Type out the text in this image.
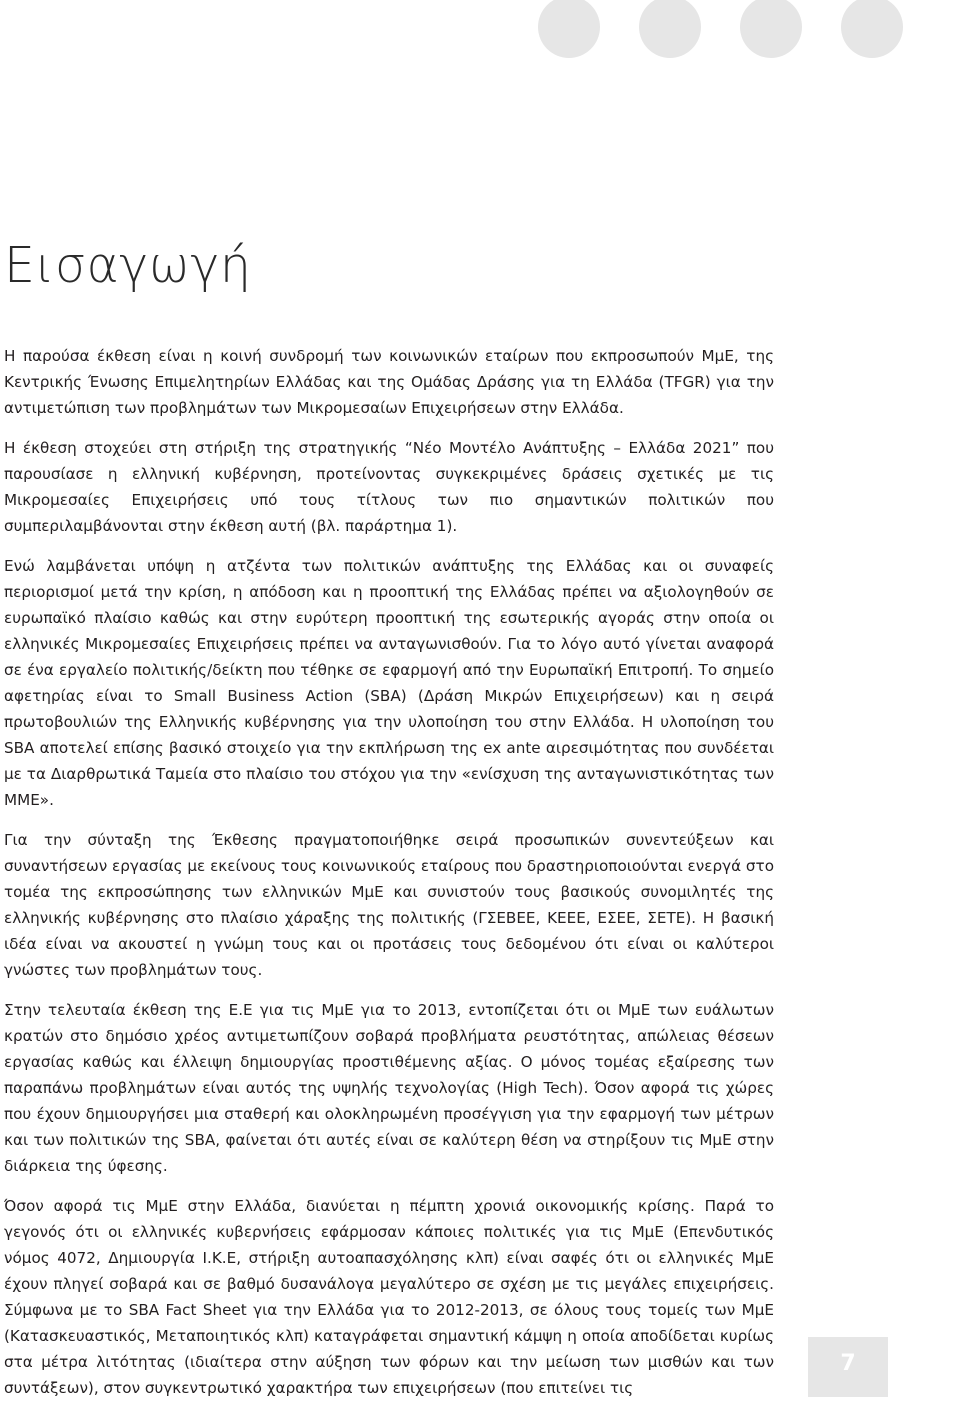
Εισαγωγή

Η παρούσα έκθεση είναι η κοινή συνδρομή των κοινωνικών εταίρων που εκπροσωπούν ΜμΕ, της Κεντρικής Ένωσης Επιμελητηρίων Ελλάδας και της Ομάδας Δράσης για τη Ελλάδα (TFGR) για την αντιμετώπιση των προβλημάτων των Μικρομεσαίων Επιχειρήσεων στην Ελλάδα.

Η έκθεση στοχεύει στη στήριξη της στρατηγικής “Νέο Μοντέλο Ανάπτυξης – Ελλάδα 2021” που παρουσίασε η ελληνική κυβέρνηση, προτείνοντας συγκεκριμένες δράσεις σχετικές με τις Μικρομεσαίες Επιχειρήσεις υπό τους τίτλους των πιο σημαντικών πολιτικών που συμπεριλαμβάνονται στην έκθεση αυτή (βλ. παράρτημα 1).

Ενώ λαμβάνεται υπόψη η ατζέντα των πολιτικών ανάπτυξης της Ελλάδας και οι συναφείς περιορισμοί μετά την κρίση, η απόδοση και η προοπτική της Ελλάδας πρέπει να αξιολογηθούν σε ευρωπαϊκό πλαίσιο καθώς και στην ευρύτερη προοπτική της εσωτερικής αγοράς στην οποία οι ελληνικές Μικρομεσαίες Επιχειρήσεις πρέπει να ανταγωνισθούν. Για το λόγο αυτό γίνεται αναφορά σε ένα εργαλείο πολιτικής/δείκτη που τέθηκε σε εφαρμογή από την Ευρωπαϊκή Επιτροπή. Το σημείο αφετηρίας είναι το Small Business Action (SBA) (Δράση Μικρών Επιχειρήσεων) και η σειρά πρωτοβουλιών της Ελληνικής κυβέρνησης για την υλοποίηση του στην Ελλάδα. Η υλοποίηση του SBA αποτελεί επίσης βασικό στοιχείο για την εκπλήρωση της ex ante αιρεσιμότητας που συνδέεται με τα Διαρθρωτικά Ταμεία στο πλαίσιο του στόχου για την «ενίσχυση της ανταγωνιστικότητας των ΜΜΕ».

Για την σύνταξη της Έκθεσης πραγματοποιήθηκε σειρά προσωπικών συνεντεύξεων και συναντήσεων εργασίας με εκείνους τους κοινωνικούς εταίρους που δραστηριοποιούνται ενεργά στο τομέα της εκπροσώπησης των ελληνικών ΜμΕ και συνιστούν τους βασικούς συνομιλητές της ελληνικής κυβέρνησης στο πλαίσιο χάραξης της πολιτικής (ΓΣΕΒΕΕ, ΚΕΕΕ, ΕΣΕΕ, ΣΕΤΕ). Η βασική ιδέα είναι να ακουστεί η γνώμη τους και οι προτάσεις τους δεδομένου ότι είναι οι καλύτεροι γνώστες των προβλημάτων τους.

Στην τελευταία έκθεση της Ε.Ε για τις ΜμΕ για το 2013, εντοπίζεται ότι οι ΜμΕ των ευάλωτων κρατών στο δημόσιο χρέος αντιμετωπίζουν σοβαρά προβλήματα ρευστότητας, απώλειας θέσεων εργασίας καθώς και έλλειψη δημιουργίας προστιθέμενης αξίας. Ο μόνος τομέας εξαίρεσης των παραπάνω προβλημάτων είναι αυτός της υψηλής τεχνολογίας (High Tech). Όσον αφορά τις χώρες που έχουν δημιουργήσει μια σταθερή και ολοκληρωμένη προσέγγιση για την εφαρμογή των μέτρων και των πολιτικών της SBA, φαίνεται ότι αυτές είναι σε καλύτερη θέση να στηρίξουν τις ΜμΕ στην διάρκεια της ύφεσης.

Όσον αφορά τις ΜμΕ στην Ελλάδα, διανύεται η πέμπτη χρονιά οικονομικής κρίσης. Παρά το γεγονός ότι οι ελληνικές κυβερνήσεις εφάρμοσαν κάποιες πολιτικές για τις ΜμΕ (Επενδυτικός νόμος 4072, Δημιουργία Ι.Κ.Ε, στήριξη αυτοαπασχόλησης κλπ) είναι σαφές ότι οι ελληνικές ΜμΕ έχουν πληγεί σοβαρά και σε βαθμό δυσανάλογα μεγαλύτερο σε σχέση με τις μεγάλες επιχειρήσεις. Σύμφωνα με το SBA Fact Sheet για την Ελλάδα για το 2012-2013, σε όλους τους τομείς των ΜμΕ (Κατασκευαστικός, Μεταποιητικός κλπ) καταγράφεται σημαντική κάμψη η οποία αποδίδεται κυρίως στα μέτρα λιτότητας (ιδιαίτερα στην αύξηση των φόρων και την μείωση των μισθών και των συντάξεων), στον συγκεντρωτικό χαρακτήρα των επιχειρήσεων (που επιτείνει τις

7
